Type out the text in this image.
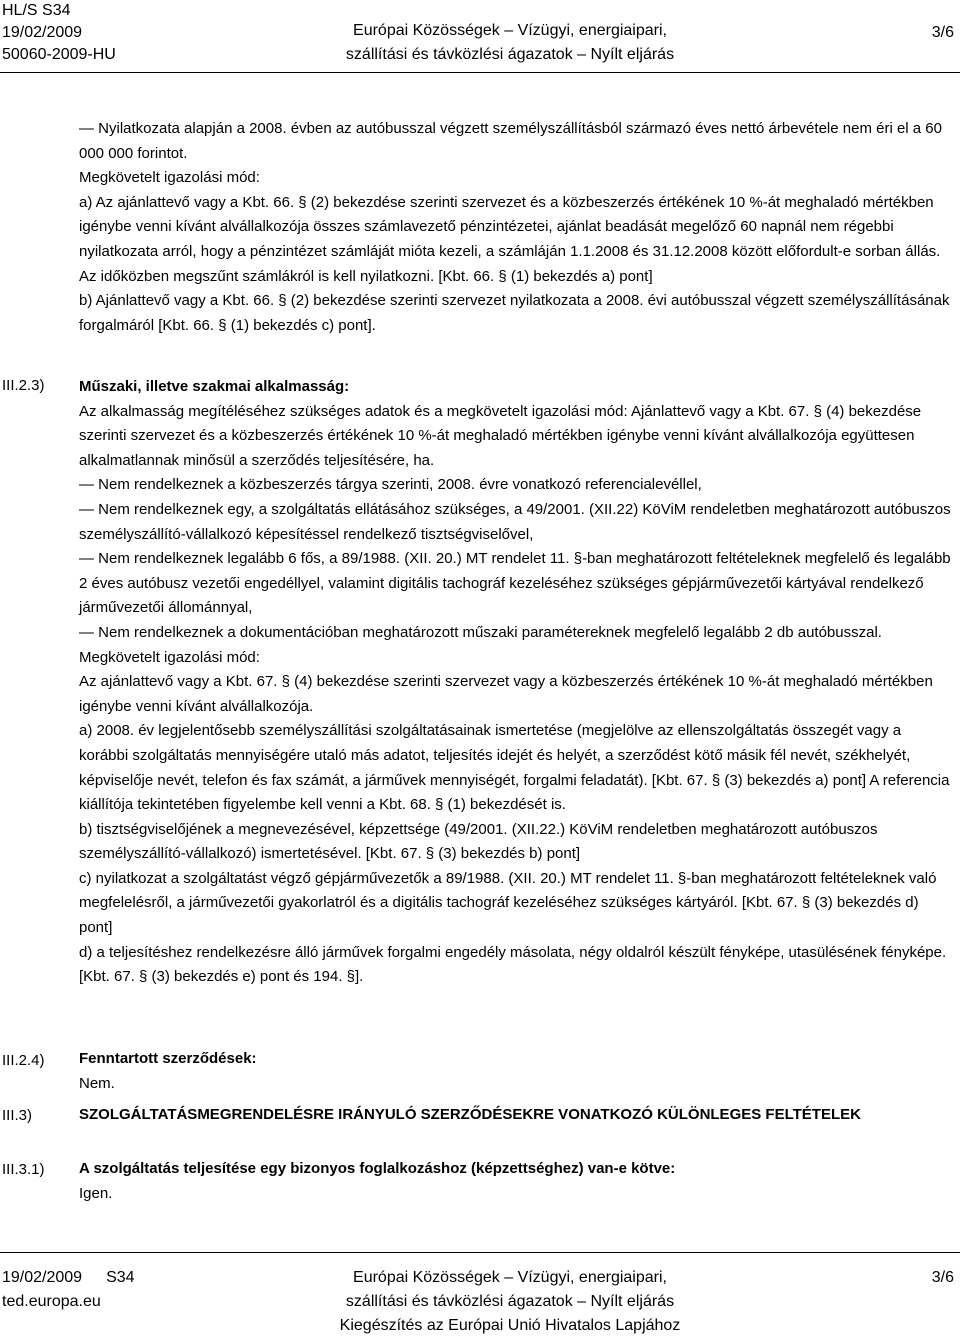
HL/S S34
19/02/2009
50060-2009-HU
Európai Közösségek – Vízügyi, energiaipari,
szállítási és távközlési ágazatok – Nyílt eljárás
3/6
III.2.3)
III.2.4)
III.3)
III.3.1)

— Nyilatkozata alapján a 2008. évben az autóbusszal végzett személyszállításból származó éves nettó árbevétele nem éri el a 60 000 000 forintot.

Megkövetelt igazolási mód:

a) Az ajánlattevő vagy a Kbt. 66. § (2) bekezdése szerinti szervezet és a közbeszerzés értékének 10 %-át meghaladó mértékben igénybe venni kívánt alvállalkozója összes számlavezető pénzintézetei, ajánlat beadását megelőző 60 napnál nem régebbi nyilatkozata arról, hogy a pénzintézet számláját mióta kezeli, a számláján 1.1.2008 és 31.12.2008 között előfordult-e sorban állás. Az időközben megszűnt számlákról is kell nyilatkozni. [Kbt. 66. § (1) bekezdés a) pont]

b) Ajánlattevő vagy a Kbt. 66. § (2) bekezdése szerinti szervezet nyilatkozata a 2008. évi autóbusszal végzett személyszállításának forgalmáról [Kbt. 66. § (1) bekezdés c) pont].

Műszaki, illetve szakmai alkalmasság:

Az alkalmasság megítéléséhez szükséges adatok és a megkövetelt igazolási mód: Ajánlattevő vagy a Kbt. 67. § (4) bekezdése szerinti szervezet és a közbeszerzés értékének 10 %-át meghaladó mértékben igénybe venni kívánt alvállalkozója együttesen alkalmatlannak minősül a szerződés teljesítésére, ha.

— Nem rendelkeznek a közbeszerzés tárgya szerinti, 2008. évre vonatkozó referencialevéllel,

— Nem rendelkeznek egy, a szolgáltatás ellátásához szükséges, a 49/2001. (XII.22) KöViM rendeletben meghatározott autóbuszos személyszállító-vállalkozó képesítéssel rendelkező tisztségviselővel,

— Nem rendelkeznek legalább 6 fős, a 89/1988. (XII. 20.) MT rendelet 11. §-ban meghatározott feltételeknek megfelelő és legalább 2 éves autóbusz vezetői engedéllyel, valamint digitális tachográf kezeléséhez szükséges gépjárművezetői kártyával rendelkező járművezetői állománnyal,

— Nem rendelkeznek a dokumentációban meghatározott műszaki paramétereknek megfelelő legalább 2 db autóbusszal.

Megkövetelt igazolási mód:

Az ajánlattevő vagy a Kbt. 67. § (4) bekezdése szerinti szervezet vagy a közbeszerzés értékének 10 %-át meghaladó mértékben igénybe venni kívánt alvállalkozója.

a) 2008. év legjelentősebb személyszállítási szolgáltatásainak ismertetése (megjelölve az ellenszolgáltatás összegét vagy a korábbi szolgáltatás mennyiségére utaló más adatot, teljesítés idejét és helyét, a szerződést kötő másik fél nevét, székhelyét, képviselője nevét, telefon és fax számát, a járművek mennyiségét, forgalmi feladatát). [Kbt. 67. § (3) bekezdés a) pont] A referencia kiállítója tekintetében figyelembe kell venni a Kbt. 68. § (1) bekezdését is.

b) tisztségviselőjének a megnevezésével, képzettsége (49/2001. (XII.22.) KöViM rendeletben meghatározott autóbuszos személyszállító-vállalkozó) ismertetésével. [Kbt. 67. § (3) bekezdés b) pont]

c) nyilatkozat a szolgáltatást végző gépjárművezetők a 89/1988. (XII. 20.) MT rendelet 11. §-ban meghatározott feltételeknek való megfelelésről, a járművezetői gyakorlatról és a digitális tachográf kezeléséhez szükséges kártyáról. [Kbt. 67. § (3) bekezdés d) pont]

d) a teljesítéshez rendelkezésre álló járművek forgalmi engedély másolata, négy oldalról készült fényképe, utasülésének fényképe. [Kbt. 67. § (3) bekezdés e) pont és 194. §].

Fenntartott szerződések:

Nem.

SZOLGÁLTATÁSMEGRENDELÉSRE IRÁNYULÓ SZERZŐDÉSEKRE VONATKOZÓ KÜLÖNLEGES FELTÉTELEK

A szolgáltatás teljesítése egy bizonyos foglalkozáshoz (képzettséghez) van-e kötve:

Igen.

19/02/2009 S34
ted.europa.eu
Európai Közösségek – Vízügyi, energiaipari,
szállítási és távközlési ágazatok – Nyílt eljárás
Kiegészítés az Európai Unió Hivatalos Lapjához
3/6
